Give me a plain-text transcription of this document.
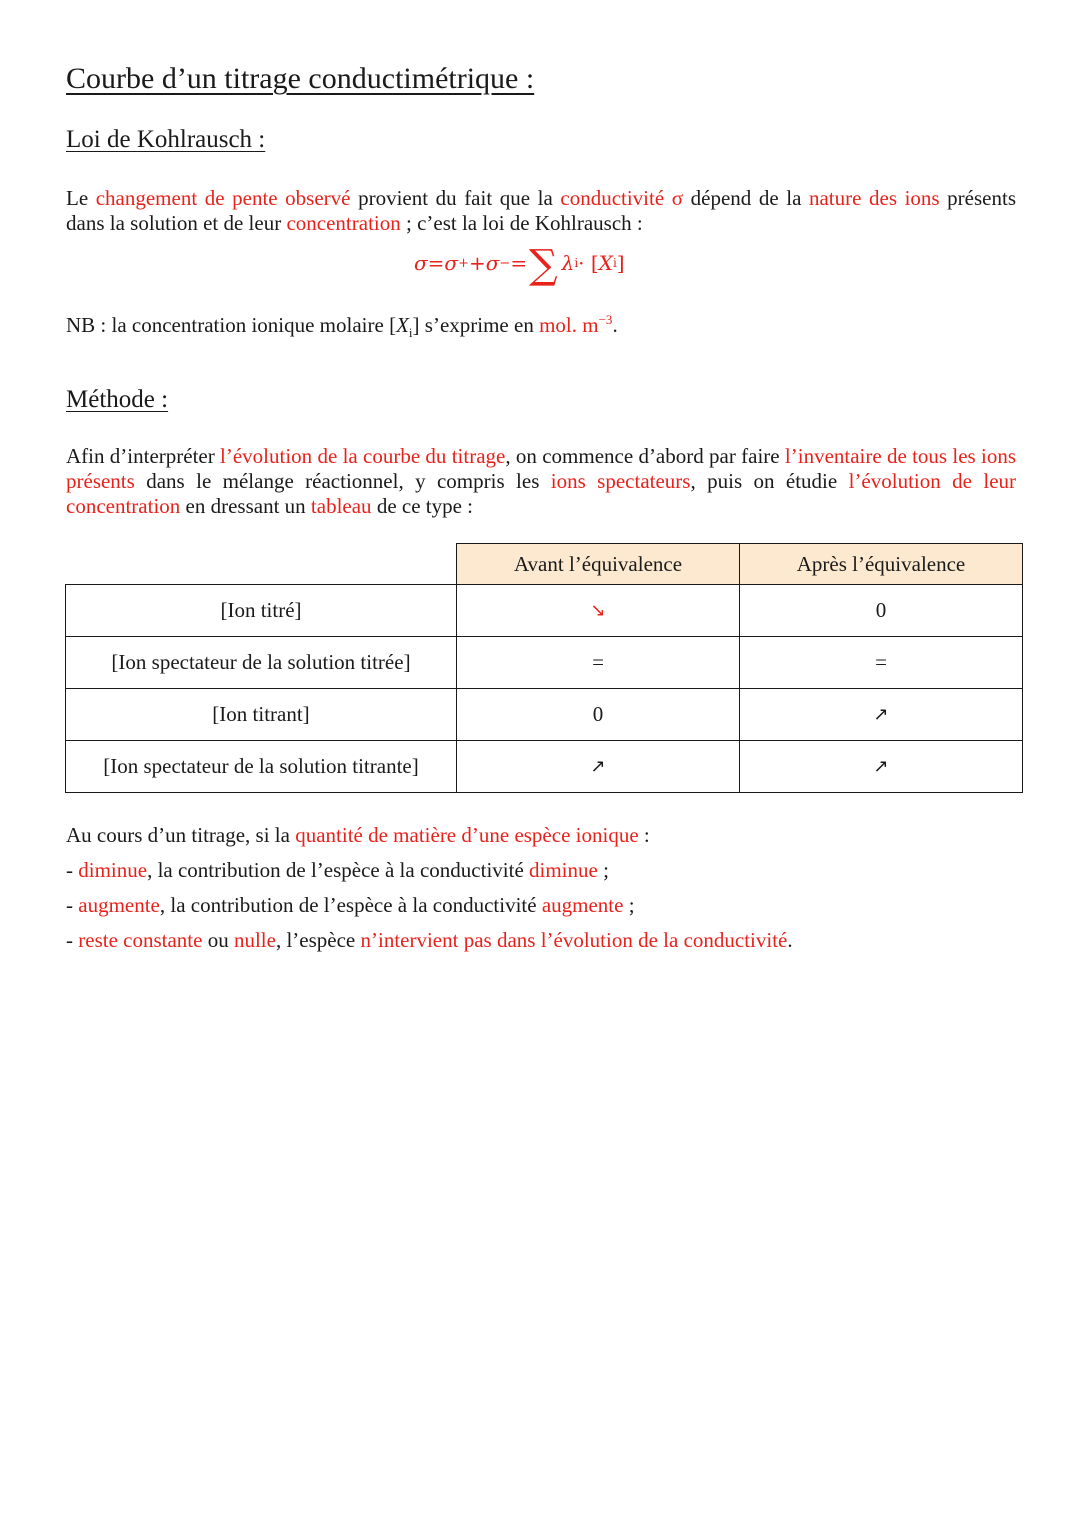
Courbe d’un titrage conductimétrique :
Loi de Kohlrausch :
Le changement de pente observé provient du fait que la conductivité σ dépend de la nature des ions présents dans la solution et de leur concentration ; c’est la loi de Kohlrausch :
σ = σ + + σ − = ∑ λ i · [ X i ]
NB : la concentration ionique molaire $[X_i]$ s’exprime en mol. $m^{-3}$.
Méthode :
Afin d’interpréter l’évolution de la courbe du titrage, on commence d’abord par faire l’inventaire de tous les ions présents dans le mélange réactionnel, y compris les ions spectateurs, puis on étudie l’évolution de leur concentration en dressant un tableau de ce type :
	Avant l’équivalence	Après l’équivalence
[Ion titré]	↘	0
[Ion spectateur de la solution titrée]	=	=
[Ion titrant]	0	↗
[Ion spectateur de la solution titrante]	↗	↗
Au cours d’un titrage, si la quantité de matière d’une espèce ionique :
- diminue, la contribution de l’espèce à la conductivité diminue ;
- augmente, la contribution de l’espèce à la conductivité augmente ;
- reste constante ou nulle, l’espèce n’intervient pas dans l’évolution de la conductivité.
